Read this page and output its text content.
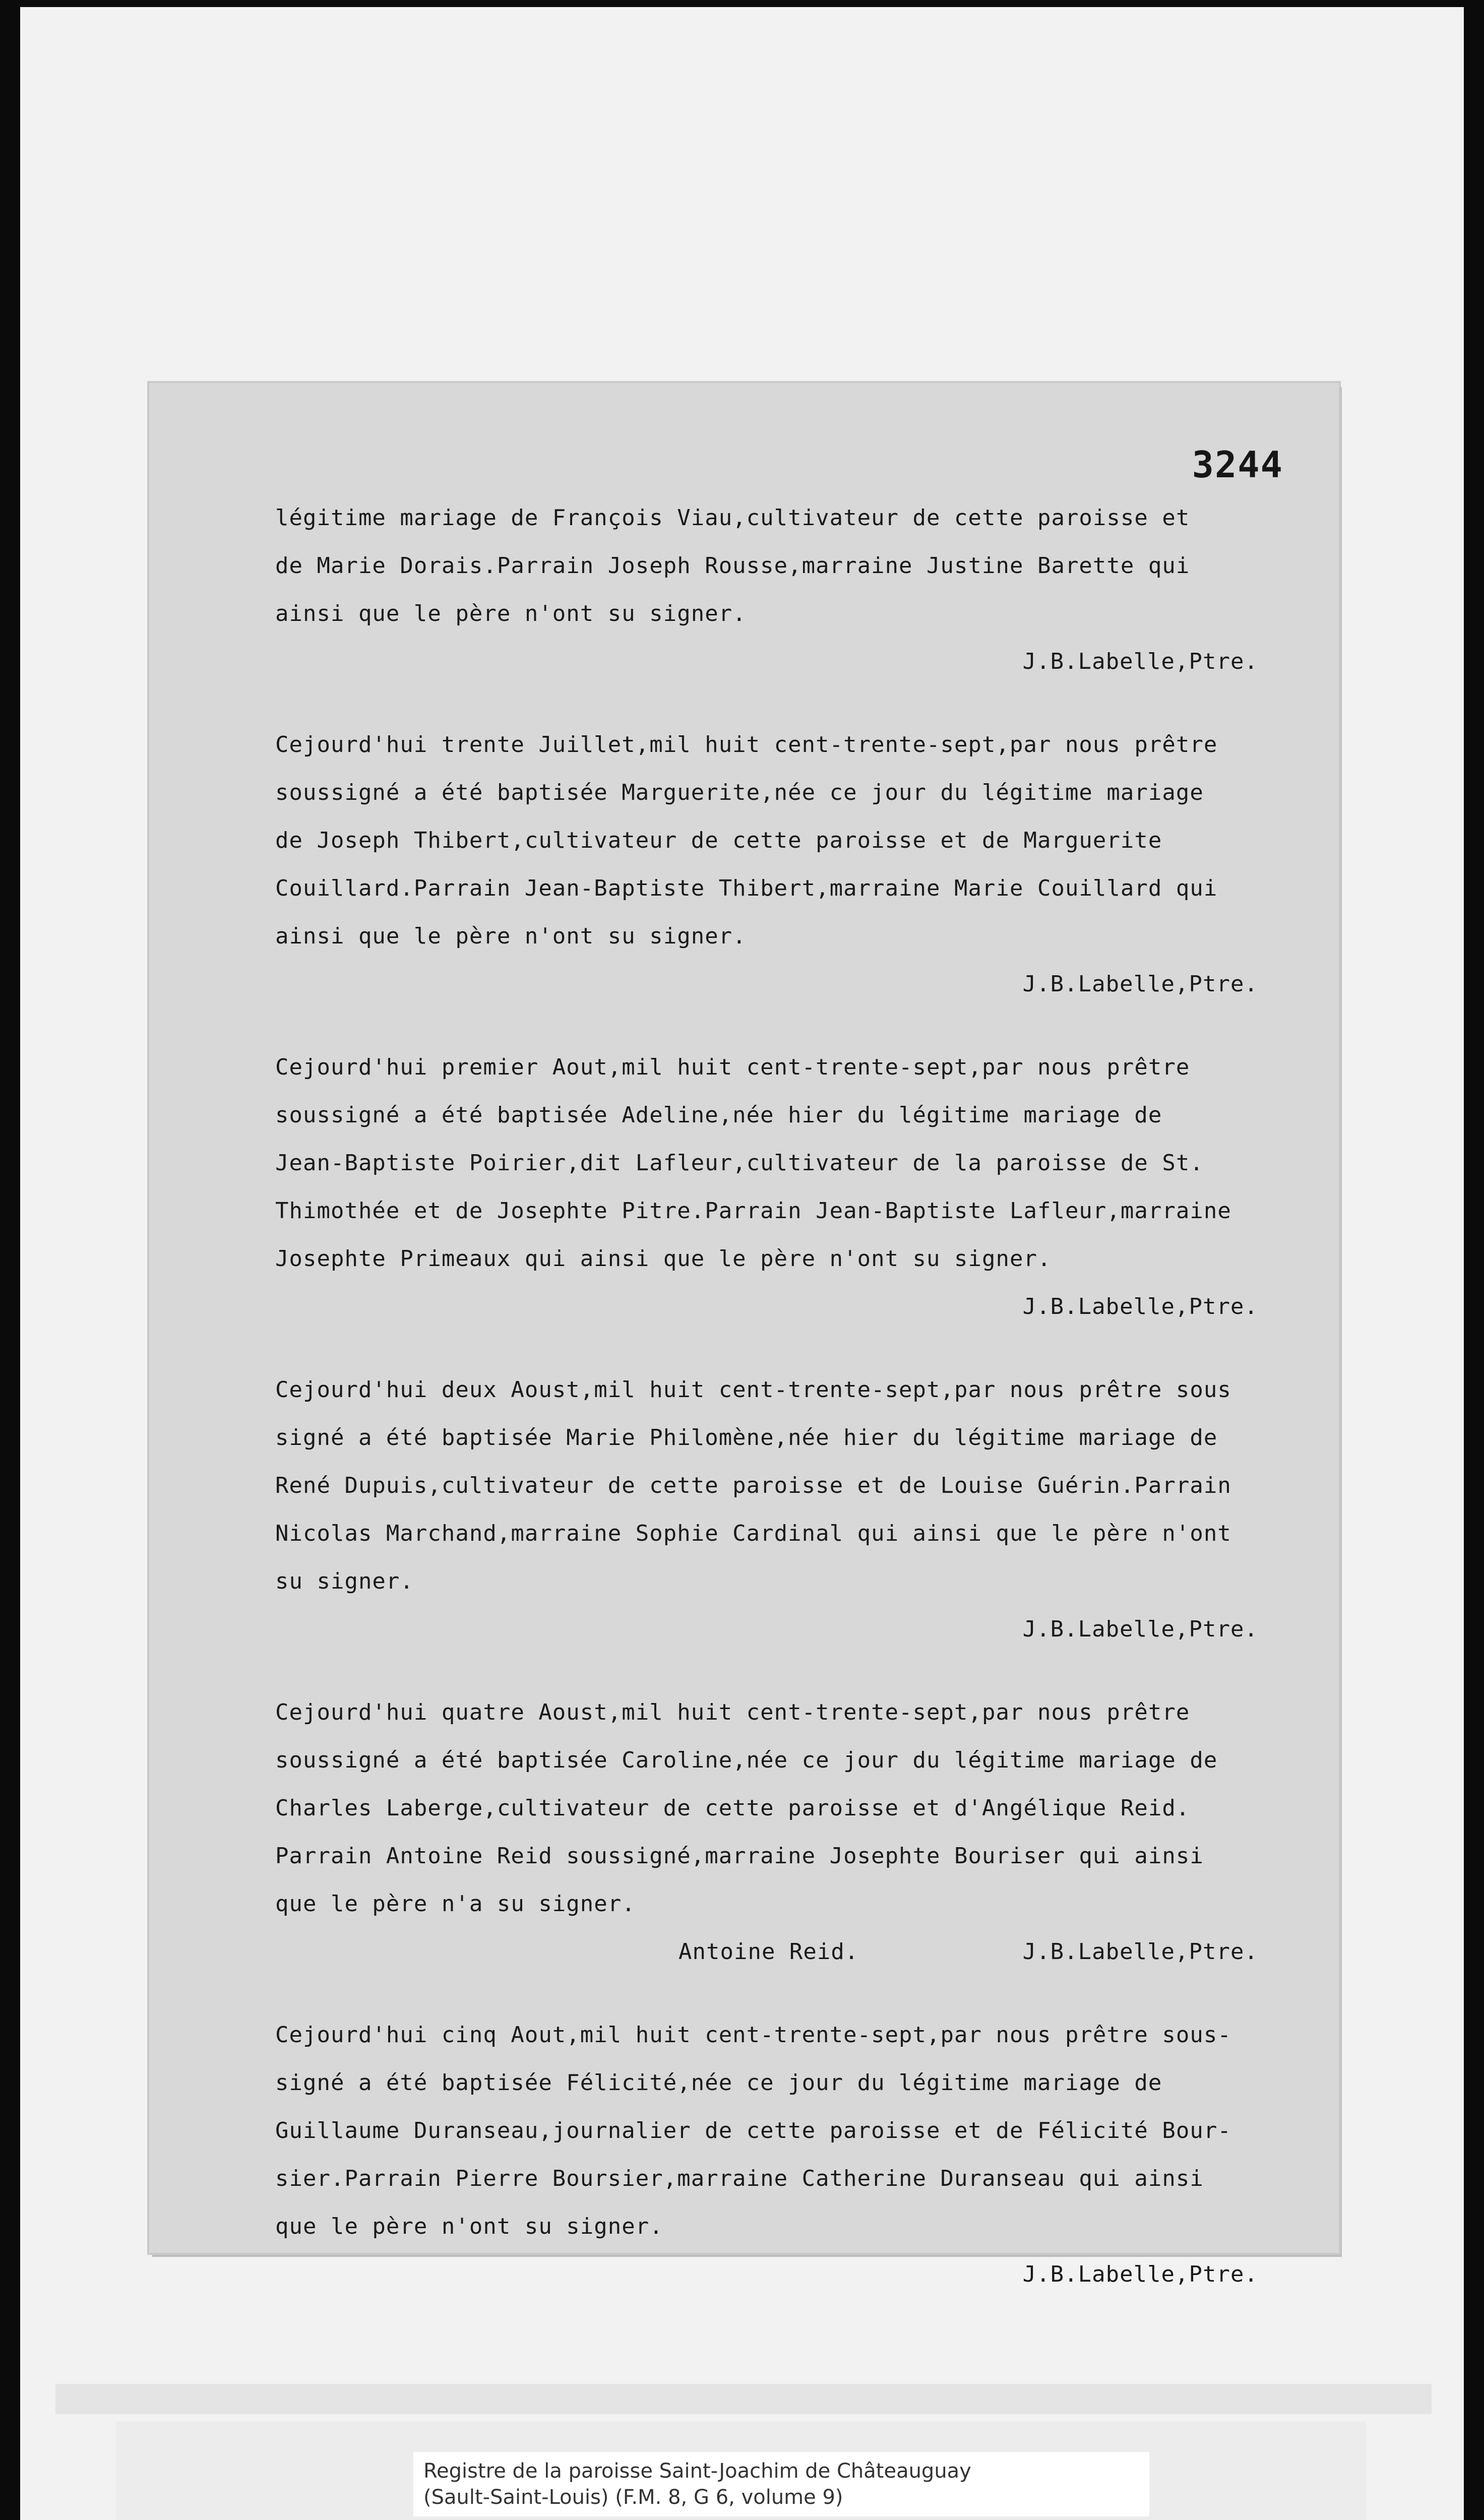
3244
légitime mariage de François Viau,cultivateur de cette paroisse et
de Marie Dorais.Parrain Joseph Rousse,marraine Justine Barette qui
ainsi que le père n'ont su signer.
J.B.Labelle,Ptre.
Cejourd'hui trente Juillet,mil huit cent-trente-sept,par nous prêtre
soussigné a été baptisée Marguerite,née ce jour du légitime mariage
de Joseph Thibert,cultivateur de cette paroisse et de Marguerite
Couillard.Parrain Jean-Baptiste Thibert,marraine Marie Couillard qui
ainsi que le père n'ont su signer.
J.B.Labelle,Ptre.
Cejourd'hui premier Aout,mil huit cent-trente-sept,par nous prêtre
soussigné a été baptisée Adeline,née hier du légitime mariage de
Jean-Baptiste Poirier,dit Lafleur,cultivateur de la paroisse de St.
Thimothée et de Josephte Pitre.Parrain Jean-Baptiste Lafleur,marraine
Josephte Primeaux qui ainsi que le père n'ont su signer.
J.B.Labelle,Ptre.
Cejourd'hui deux Aoust,mil huit cent-trente-sept,par nous prêtre sous
signé a été baptisée Marie Philomène,née hier du légitime mariage de
René Dupuis,cultivateur de cette paroisse et de Louise Guérin.Parrain
Nicolas Marchand,marraine Sophie Cardinal qui ainsi que le père n'ont
su signer.
J.B.Labelle,Ptre.
Cejourd'hui quatre Aoust,mil huit cent-trente-sept,par nous prêtre
soussigné a été baptisée Caroline,née ce jour du légitime mariage de
Charles Laberge,cultivateur de cette paroisse et d'Angélique Reid.
Parrain Antoine Reid soussigné,marraine Josephte Bouriser qui ainsi
que le père n'a su signer.
Antoine Reid.	J.B.Labelle,Ptre.
Cejourd'hui cinq Aout,mil huit cent-trente-sept,par nous prêtre sous-
signé a été baptisée Félicité,née ce jour du légitime mariage de
Guillaume Duranseau,journalier de cette paroisse et de Félicité Bour-
sier.Parrain Pierre Boursier,marraine Catherine Duranseau qui ainsi
que le père n'ont su signer.
J.B.Labelle,Ptre.
Registre de la paroisse Saint-Joachim de Châteauguay
(Sault-Saint-Louis) (F.M. 8, G 6, volume 9)
